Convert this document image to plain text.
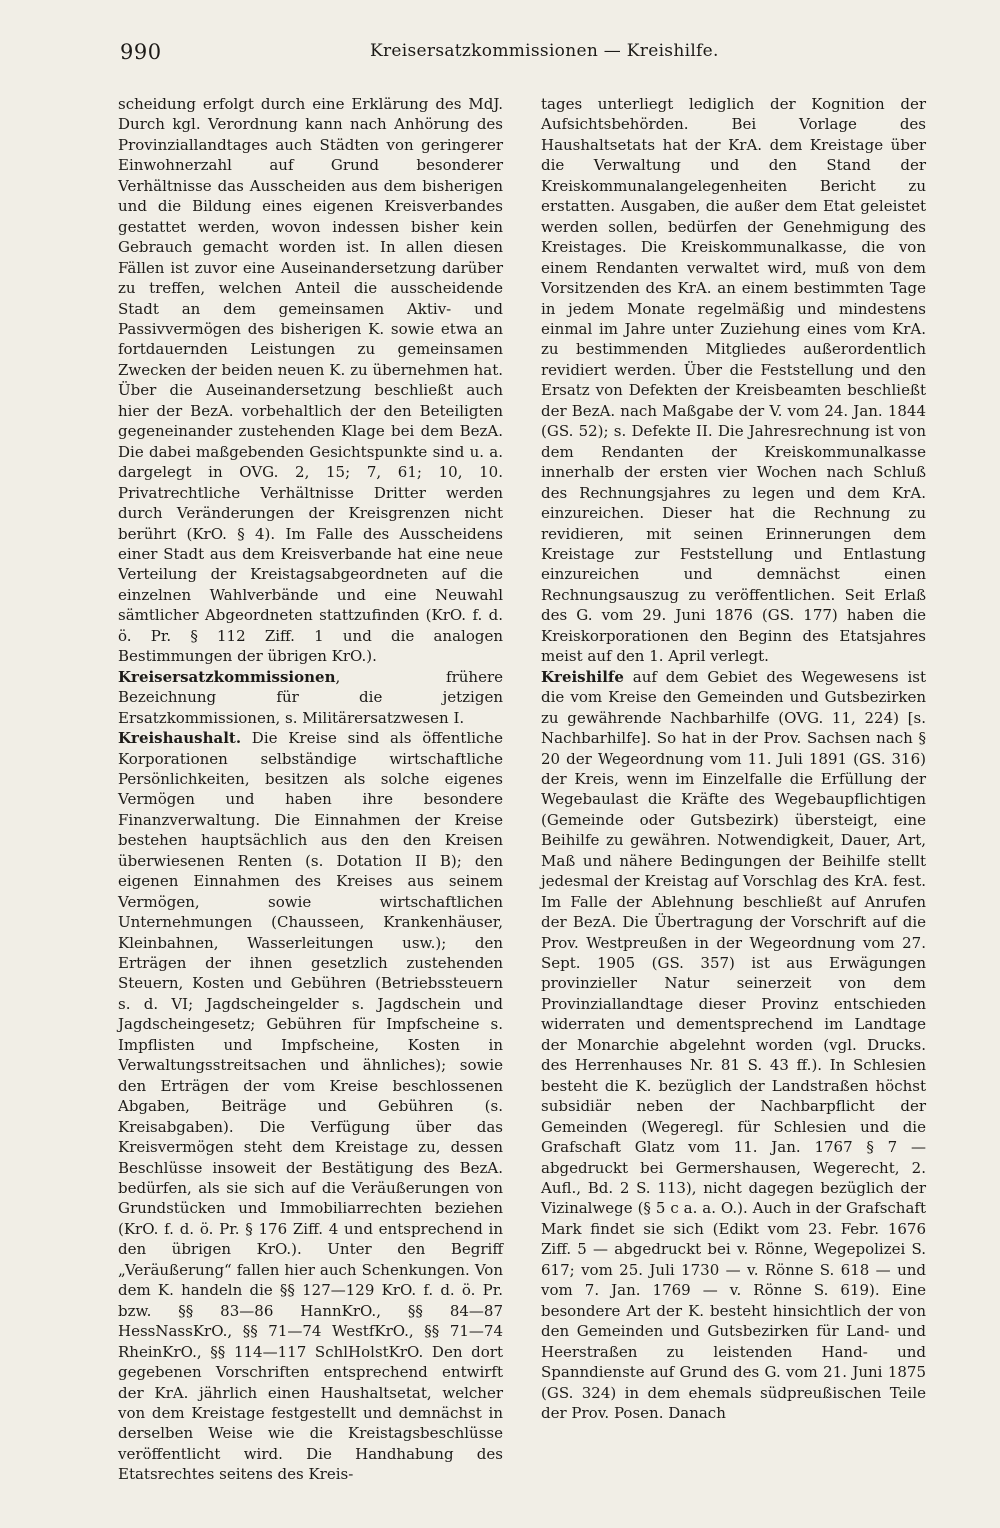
990	Kreisersatzkommissionen — Kreishilfe.

scheidung erfolgt durch eine Erklärung des MdJ. Durch kgl. Verordnung kann nach Anhörung des Provinziallandtages auch Städten von geringerer Einwohnerzahl auf Grund besonderer Verhältnisse das Ausscheiden aus dem bisherigen und die Bildung eines eigenen Kreisverbandes gestattet werden, wovon indessen bisher kein Gebrauch gemacht worden ist. In allen diesen Fällen ist zuvor eine Auseinandersetzung darüber zu treffen, welchen Anteil die ausscheidende Stadt an dem gemeinsamen Aktiv- und Passivvermögen des bisherigen K. sowie etwa an fortdauernden Leistungen zu gemeinsamen Zwecken der beiden neuen K. zu übernehmen hat. Über die Auseinandersetzung beschließt auch hier der BezA. vorbehaltlich der den Beteiligten gegeneinander zustehenden Klage bei dem BezA. Die dabei maßgebenden Gesichtspunkte sind u. a. dargelegt in OVG. 2, 15; 7, 61; 10, 10. Privatrechtliche Verhältnisse Dritter werden durch Veränderungen der Kreisgrenzen nicht berührt (KrO. § 4). Im Falle des Ausscheidens einer Stadt aus dem Kreisverbande hat eine neue Verteilung der Kreistagsabgeordneten auf die einzelnen Wahlverbände und eine Neuwahl sämtlicher Abgeordneten stattzufinden (KrO. f. d. ö. Pr. § 112 Ziff. 1 und die analogen Bestimmungen der übrigen KrO.).

Kreisersatzkommissionen, frühere Bezeichnung für die jetzigen Ersatzkommissionen, s. Militärersatzwesen I.

Kreishaushalt. Die Kreise sind als öffentliche Korporationen selbständige wirtschaftliche Persönlichkeiten, besitzen als solche eigenes Vermögen und haben ihre besondere Finanzverwaltung. Die Einnahmen der Kreise bestehen hauptsächlich aus den den Kreisen überwiesenen Renten (s. Dotation II B); den eigenen Einnahmen des Kreises aus seinem Vermögen, sowie wirtschaftlichen Unternehmungen (Chausseen, Krankenhäuser, Kleinbahnen, Wasserleitungen usw.); den Erträgen der ihnen gesetzlich zustehenden Steuern, Kosten und Gebühren (Betriebssteuern s. d. VI; Jagdscheingelder s. Jagdschein und Jagdscheingesetz; Gebühren für Impfscheine s. Impflisten und Impfscheine, Kosten in Verwaltungsstreitsachen und ähnliches); sowie den Erträgen der vom Kreise beschlossenen Abgaben, Beiträge und Gebühren (s. Kreisabgaben). Die Verfügung über das Kreisvermögen steht dem Kreistage zu, dessen Beschlüsse insoweit der Bestätigung des BezA. bedürfen, als sie sich auf die Veräußerungen von Grundstücken und Immobiliarrechten beziehen (KrO. f. d. ö. Pr. § 176 Ziff. 4 und entsprechend in den übrigen KrO.). Unter den Begriff „Veräußerung“ fallen hier auch Schenkungen. Von dem K. handeln die §§ 127—129 KrO. f. d. ö. Pr. bzw. §§ 83—86 HannKrO., §§ 84—87 HessNassKrO., §§ 71—74 WestfKrO., §§ 71—74 RheinKrO., §§ 114—117 SchlHolstKrO. Den dort gegebenen Vorschriften entsprechend entwirft der KrA. jährlich einen Haushaltsetat, welcher von dem Kreistage festgestellt und demnächst in derselben Weise wie die Kreistagsbeschlüsse veröffentlicht wird. Die Handhabung des Etatsrechtes seitens des Kreis-

tages unterliegt lediglich der Kognition der Aufsichtsbehörden. Bei Vorlage des Haushaltsetats hat der KrA. dem Kreistage über die Verwaltung und den Stand der Kreiskommunalangelegenheiten Bericht zu erstatten. Ausgaben, die außer dem Etat geleistet werden sollen, bedürfen der Genehmigung des Kreistages. Die Kreiskommunalkasse, die von einem Rendanten verwaltet wird, muß von dem Vorsitzenden des KrA. an einem bestimmten Tage in jedem Monate regelmäßig und mindestens einmal im Jahre unter Zuziehung eines vom KrA. zu bestimmenden Mitgliedes außerordentlich revidiert werden. Über die Feststellung und den Ersatz von Defekten der Kreisbeamten beschließt der BezA. nach Maßgabe der V. vom 24. Jan. 1844 (GS. 52); s. Defekte II. Die Jahresrechnung ist von dem Rendanten der Kreiskommunalkasse innerhalb der ersten vier Wochen nach Schluß des Rechnungsjahres zu legen und dem KrA. einzureichen. Dieser hat die Rechnung zu revidieren, mit seinen Erinnerungen dem Kreistage zur Feststellung und Entlastung einzureichen und demnächst einen Rechnungsauszug zu veröffentlichen. Seit Erlaß des G. vom 29. Juni 1876 (GS. 177) haben die Kreiskorporationen den Beginn des Etatsjahres meist auf den 1. April verlegt.

Kreishilfe auf dem Gebiet des Wegewesens ist die vom Kreise den Gemeinden und Gutsbezirken zu gewährende Nachbarhilfe (OVG. 11, 224) [s. Nachbarhilfe]. So hat in der Prov. Sachsen nach § 20 der Wegeordnung vom 11. Juli 1891 (GS. 316) der Kreis, wenn im Einzelfalle die Erfüllung der Wegebaulast die Kräfte des Wegebaupflichtigen (Gemeinde oder Gutsbezirk) übersteigt, eine Beihilfe zu gewähren. Notwendigkeit, Dauer, Art, Maß und nähere Bedingungen der Beihilfe stellt jedesmal der Kreistag auf Vorschlag des KrA. fest. Im Falle der Ablehnung beschließt auf Anrufen der BezA. Die Übertragung der Vorschrift auf die Prov. Westpreußen in der Wegeordnung vom 27. Sept. 1905 (GS. 357) ist aus Erwägungen provinzieller Natur seinerzeit von dem Provinziallandtage dieser Provinz entschieden widerraten und dementsprechend im Landtage der Monarchie abgelehnt worden (vgl. Drucks. des Herrenhauses Nr. 81 S. 43 ff.). In Schlesien besteht die K. bezüglich der Landstraßen höchst subsidiär neben der Nachbarpflicht der Gemeinden (Wegeregl. für Schlesien und die Grafschaft Glatz vom 11. Jan. 1767 § 7 — abgedruckt bei Germershausen, Wegerecht, 2. Aufl., Bd. 2 S. 113), nicht dagegen bezüglich der Vizinalwege (§ 5 c a. a. O.). Auch in der Grafschaft Mark findet sie sich (Edikt vom 23. Febr. 1676 Ziff. 5 — abgedruckt bei v. Rönne, Wegepolizei S. 617; vom 25. Juli 1730 — v. Rönne S. 618 — und vom 7. Jan. 1769 — v. Rönne S. 619). Eine besondere Art der K. besteht hinsichtlich der von den Gemeinden und Gutsbezirken für Land- und Heerstraßen zu leistenden Hand- und Spanndienste auf Grund des G. vom 21. Juni 1875 (GS. 324) in dem ehemals südpreußischen Teile der Prov. Posen. Danach
